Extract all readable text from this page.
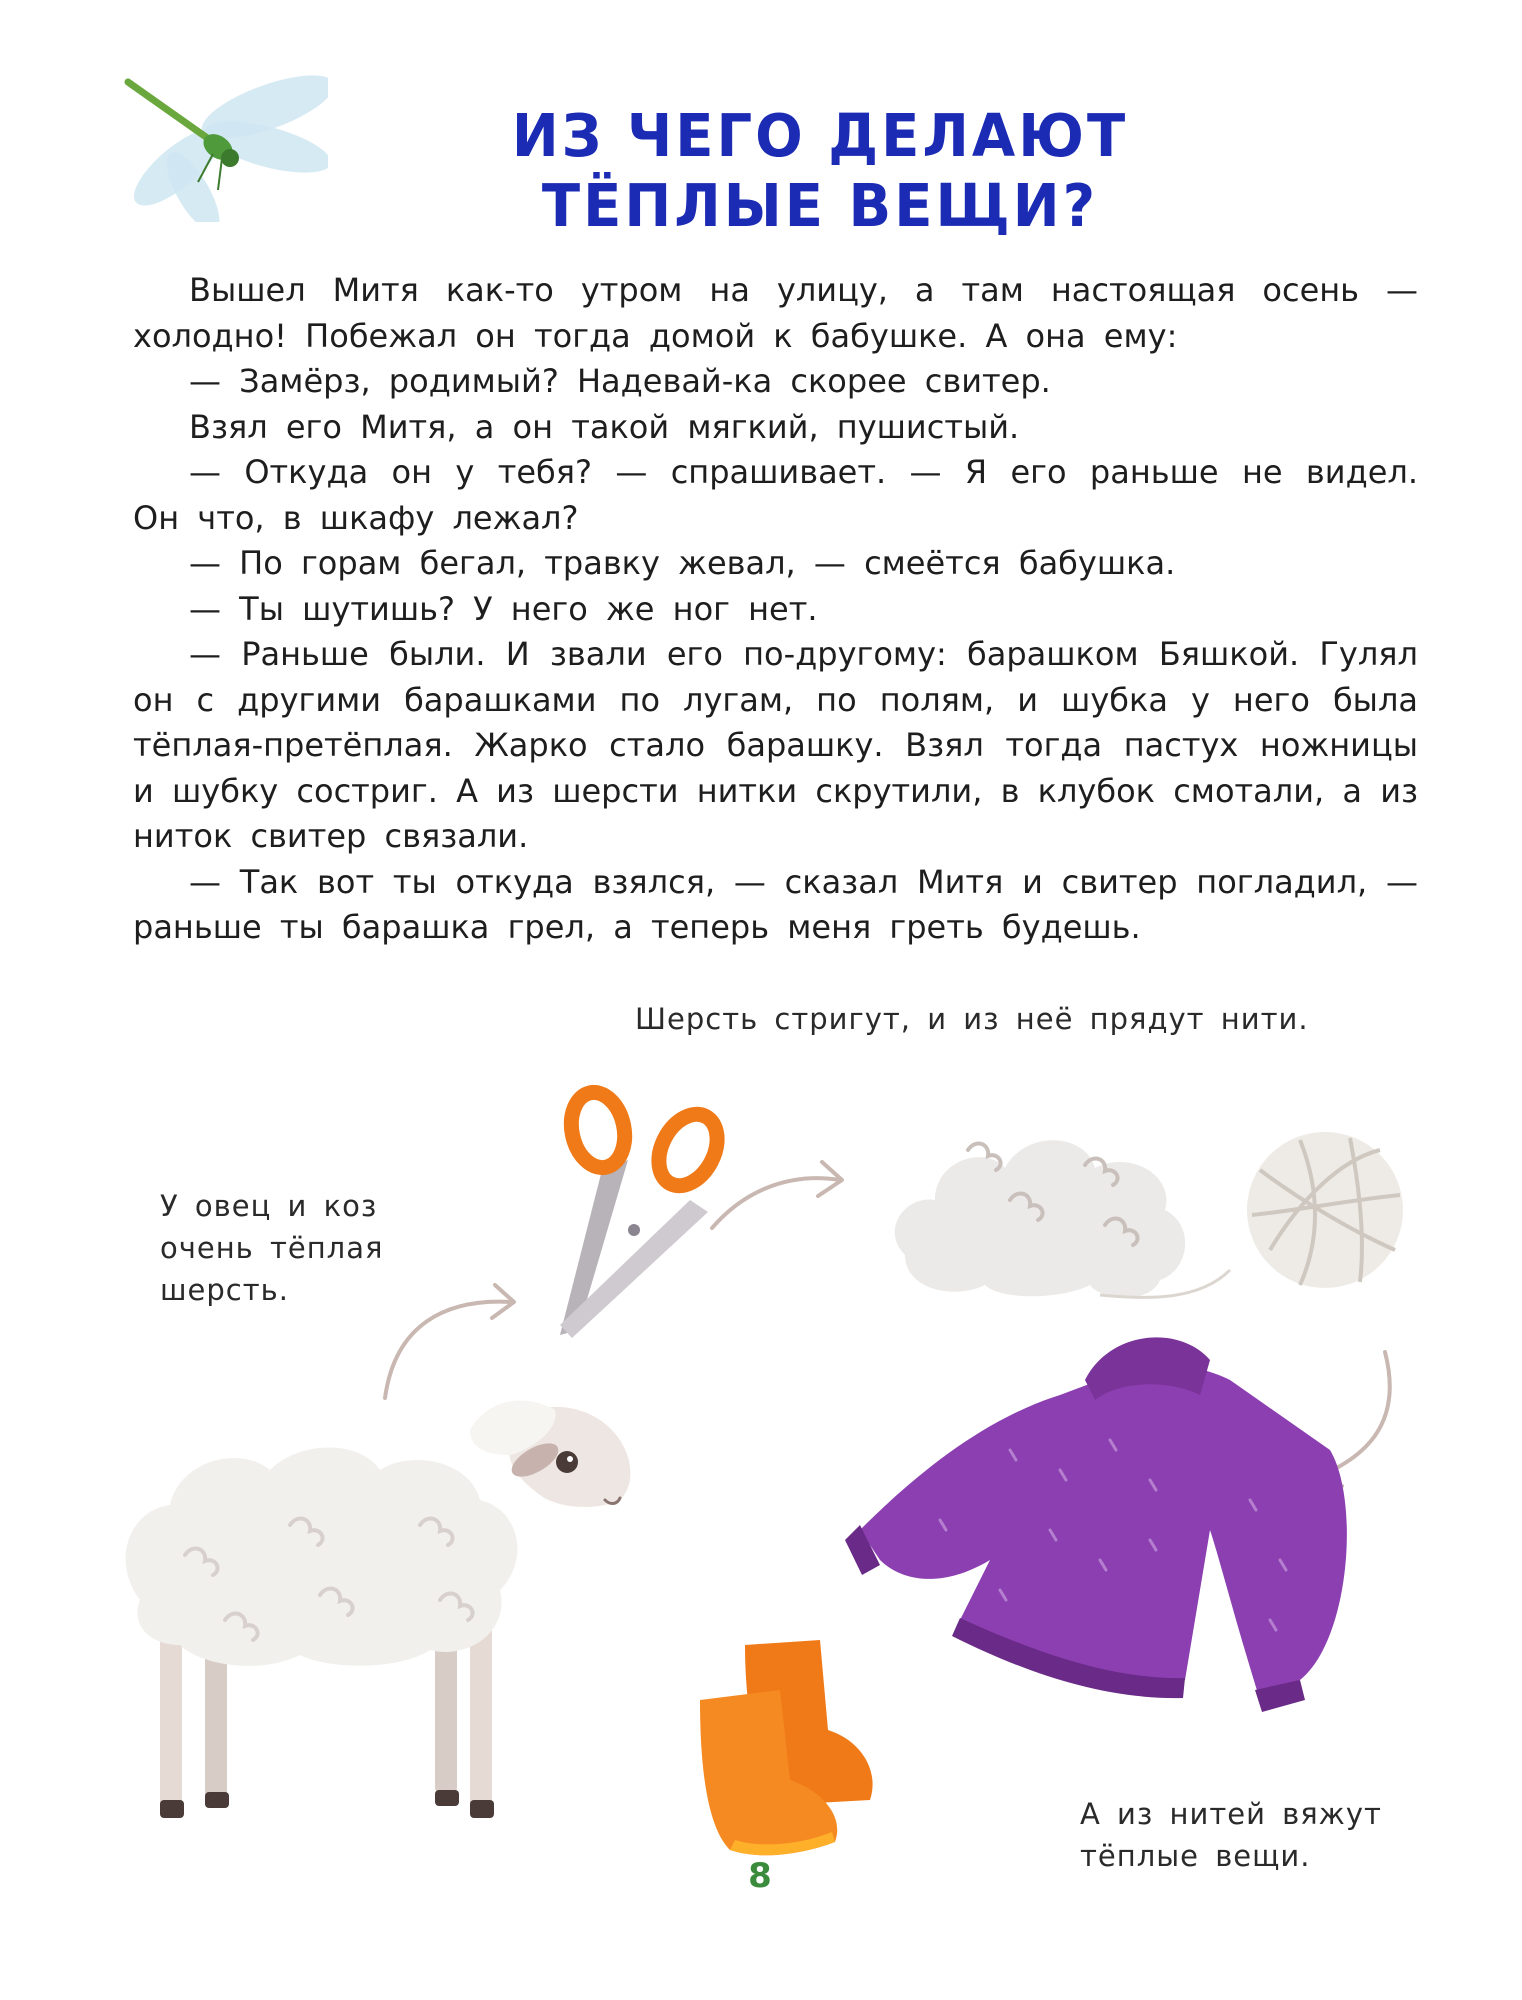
ИЗ ЧЕГО ДЕЛАЮТ
ТЁПЛЫЕ ВЕЩИ?

Вышел Митя как-то утром на улицу, а там настоящая осень — холодно! Побежал он тогда домой к бабушке. А она ему:

— Замёрз, родимый? Надевай-ка скорее свитер.

Взял его Митя, а он такой мягкий, пушистый.

— Откуда он у тебя? — спрашивает. — Я его раньше не видел. Он что, в шкафу лежал?

— По горам бегал, травку жевал, — смеётся бабушка.

— Ты шутишь? У него же ног нет.

— Раньше были. И звали его по-другому: барашком Бяшкой. Гулял он с другими барашками по лугам, по полям, и шубка у него была тёплая-претёплая. Жарко стало барашку. Взял тогда пастух ножницы и шубку состриг. А из шерсти нитки скрутили, в клубок смотали, а из ниток свитер связали.

— Так вот ты откуда взялся, — сказал Митя и свитер погладил, — раньше ты барашка грел, а теперь меня греть будешь.

Шерсть стригут, и из неё прядут нити.
У овец и коз
очень тёплая
шерсть.
А из нитей вяжут
тёплые вещи.
8
